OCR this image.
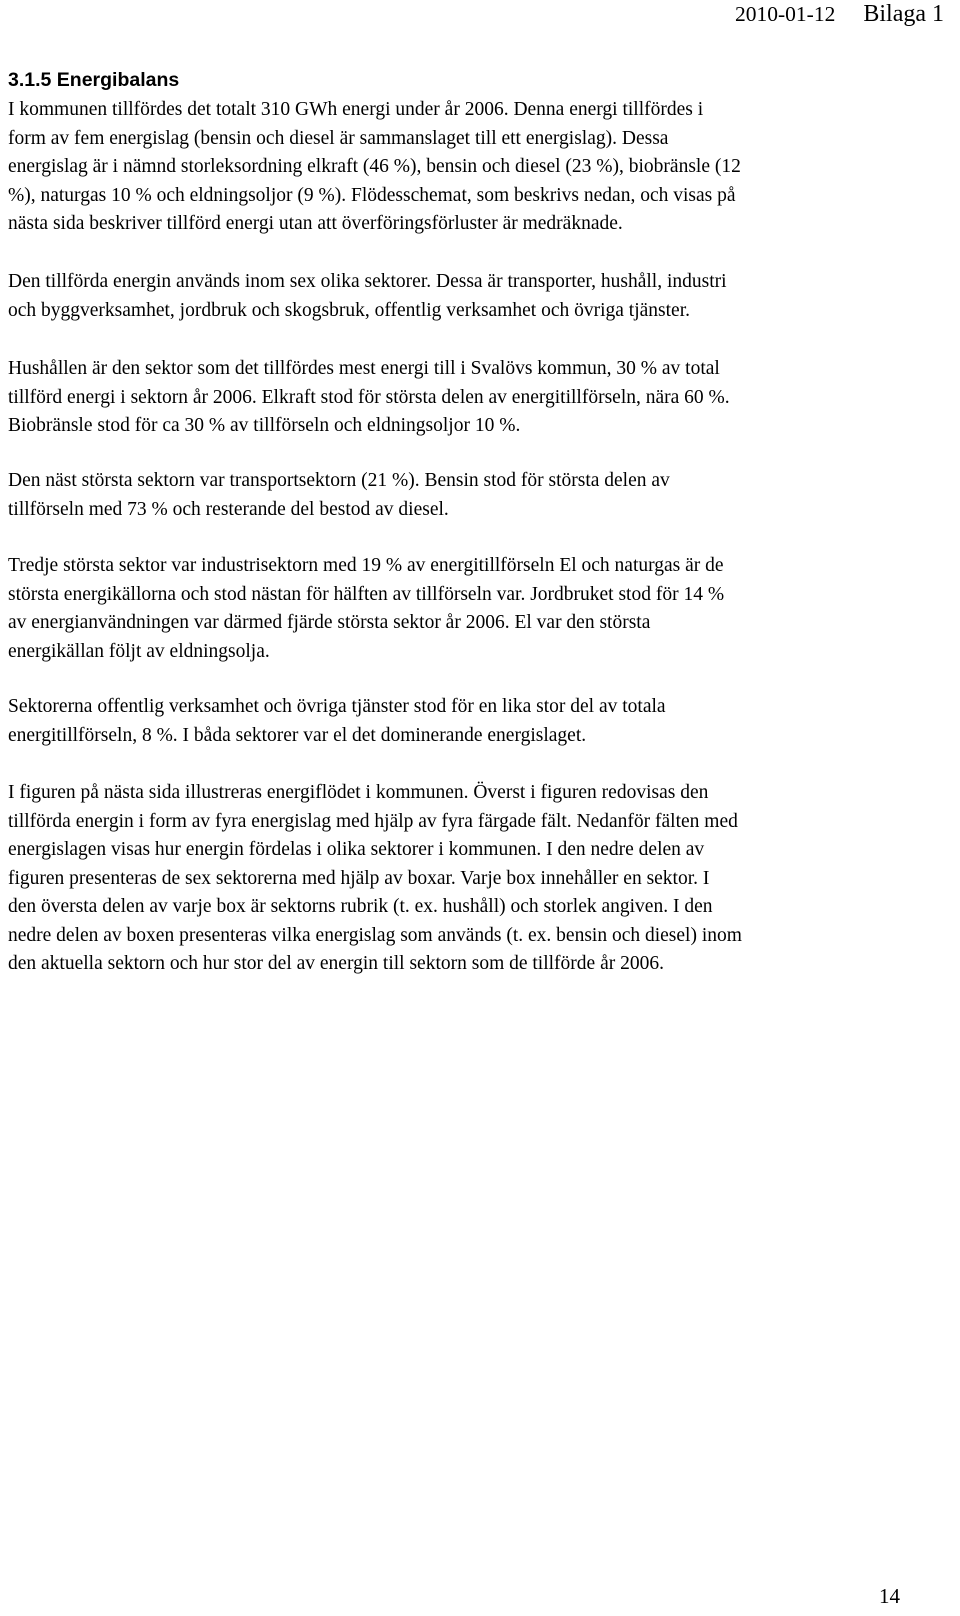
2010-01-12 Bilaga 1
3.1.5 Energibalans

I kommunen tillfördes det totalt 310 GWh energi under år 2006. Denna energi tillfördes i
form av fem energislag (bensin och diesel är sammanslaget till ett energislag). Dessa
energislag är i nämnd storleksordning elkraft (46 %), bensin och diesel (23 %), biobränsle (12
%), naturgas 10 % och eldningsoljor (9 %). Flödesschemat, som beskrivs nedan, och visas på
nästa sida beskriver tillförd energi utan att överföringsförluster är medräknade.

Den tillförda energin används inom sex olika sektorer. Dessa är transporter, hushåll, industri
och byggverksamhet, jordbruk och skogsbruk, offentlig verksamhet och övriga tjänster.

Hushållen är den sektor som det tillfördes mest energi till i Svalövs kommun, 30 % av total
tillförd energi i sektorn år 2006. Elkraft stod för största delen av energitillförseln, nära 60 %.
Biobränsle stod för ca 30 % av tillförseln och eldningsoljor 10 %.

Den näst största sektorn var transportsektorn (21 %). Bensin stod för största delen av
tillförseln med 73 % och resterande del bestod av diesel.

Tredje största sektor var industrisektorn med 19 % av energitillförseln El och naturgas är de
största energikällorna och stod nästan för hälften av tillförseln var. Jordbruket stod för 14 %
av energianvändningen var därmed fjärde största sektor år 2006. El var den största
energikällan följt av eldningsolja.

Sektorerna offentlig verksamhet och övriga tjänster stod för en lika stor del av totala
energitillförseln, 8 %. I båda sektorer var el det dominerande energislaget.

I figuren på nästa sida illustreras energiflödet i kommunen. Överst i figuren redovisas den
tillförda energin i form av fyra energislag med hjälp av fyra färgade fält. Nedanför fälten med
energislagen visas hur energin fördelas i olika sektorer i kommunen. I den nedre delen av
figuren presenteras de sex sektorerna med hjälp av boxar. Varje box innehåller en sektor. I
den översta delen av varje box är sektorns rubrik (t. ex. hushåll) och storlek angiven. I den
nedre delen av boxen presenteras vilka energislag som används (t. ex. bensin och diesel) inom
den aktuella sektorn och hur stor del av energin till sektorn som de tillförde år 2006.

14
